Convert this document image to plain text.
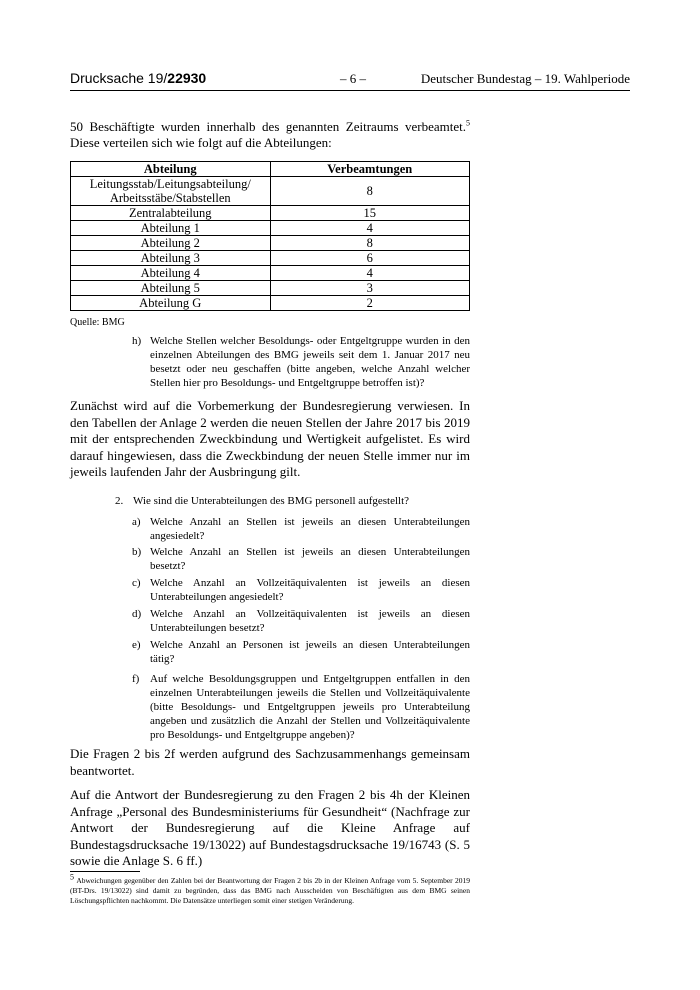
Drucksache 19/22930	– 6 –	Deutscher Bundestag – 19. Wahlperiode
50 Beschäftigte wurden innerhalb des genannten Zeitraums verbeamtet.$^5$ Diese verteilen sich wie folgt auf die Abteilungen:
Abteilung	Verbeamtungen
Leitungsstab/Leitungsabteilung/ Arbeitsstäbe/Stabstellen	8
Zentralabteilung	15
Abteilung 1	4
Abteilung 2	8
Abteilung 3	6
Abteilung 4	4
Abteilung 5	3
Abteilung G	2
Quelle: BMG
h) Welche Stellen welcher Besoldungs- oder Entgeltgruppe wurden in den einzelnen Abteilungen des BMG jeweils seit dem 1. Januar 2017 neu besetzt oder neu geschaffen (bitte angeben, welche Anzahl welcher Stellen hier pro Besoldungs- und Entgeltgruppe betroffen ist)?
Zunächst wird auf die Vorbemerkung der Bundesregierung verwiesen. In den Tabellen der Anlage 2 werden die neuen Stellen der Jahre 2017 bis 2019 mit der entsprechenden Zweckbindung und Wertigkeit aufgelistet. Es wird darauf hingewiesen, dass die Zweckbindung der neuen Stelle immer nur im jeweils laufenden Jahr der Ausbringung gilt.
2. Wie sind die Unterabteilungen des BMG personell aufgestellt?
a) Welche Anzahl an Stellen ist jeweils an diesen Unterabteilungen angesiedelt?
b) Welche Anzahl an Stellen ist jeweils an diesen Unterabteilungen besetzt?
c) Welche Anzahl an Vollzeitäquivalenten ist jeweils an diesen Unterabteilungen angesiedelt?
d) Welche Anzahl an Vollzeitäquivalenten ist jeweils an diesen Unterabteilungen besetzt?
e) Welche Anzahl an Personen ist jeweils an diesen Unterabteilungen tätig?
f) Auf welche Besoldungsgruppen und Entgeltgruppen entfallen in den einzelnen Unterabteilungen jeweils die Stellen und Vollzeitäquivalente (bitte Besoldungs- und Entgeltgruppen jeweils pro Unterabteilung angeben und zusätzlich die Anzahl der Stellen und Vollzeitäquivalente pro Besoldungs- und Entgeltgruppe angeben)?
Die Fragen 2 bis 2f werden aufgrund des Sachzusammenhangs gemeinsam beantwortet.
Auf die Antwort der Bundesregierung zu den Fragen 2 bis 4h der Kleinen Anfrage „Personal des Bundesministeriums für Gesundheit“ (Nachfrage zur Antwort der Bundesregierung auf die Kleine Anfrage auf Bundestagsdrucksache 19/13022) auf Bundestagsdrucksache 19/16743 (S. 5 sowie die Anlage S. 6 ff.)
$^5$ Abweichungen gegenüber den Zahlen bei der Beantwortung der Fragen 2 bis 2b in der Kleinen Anfrage vom 5. September 2019 (BT-Drs. 19/13022) sind damit zu begründen, dass das BMG nach Ausscheiden von Beschäftigten aus dem BMG seinen Löschungspflichten nachkommt. Die Datensätze unterliegen somit einer stetigen Veränderung.
